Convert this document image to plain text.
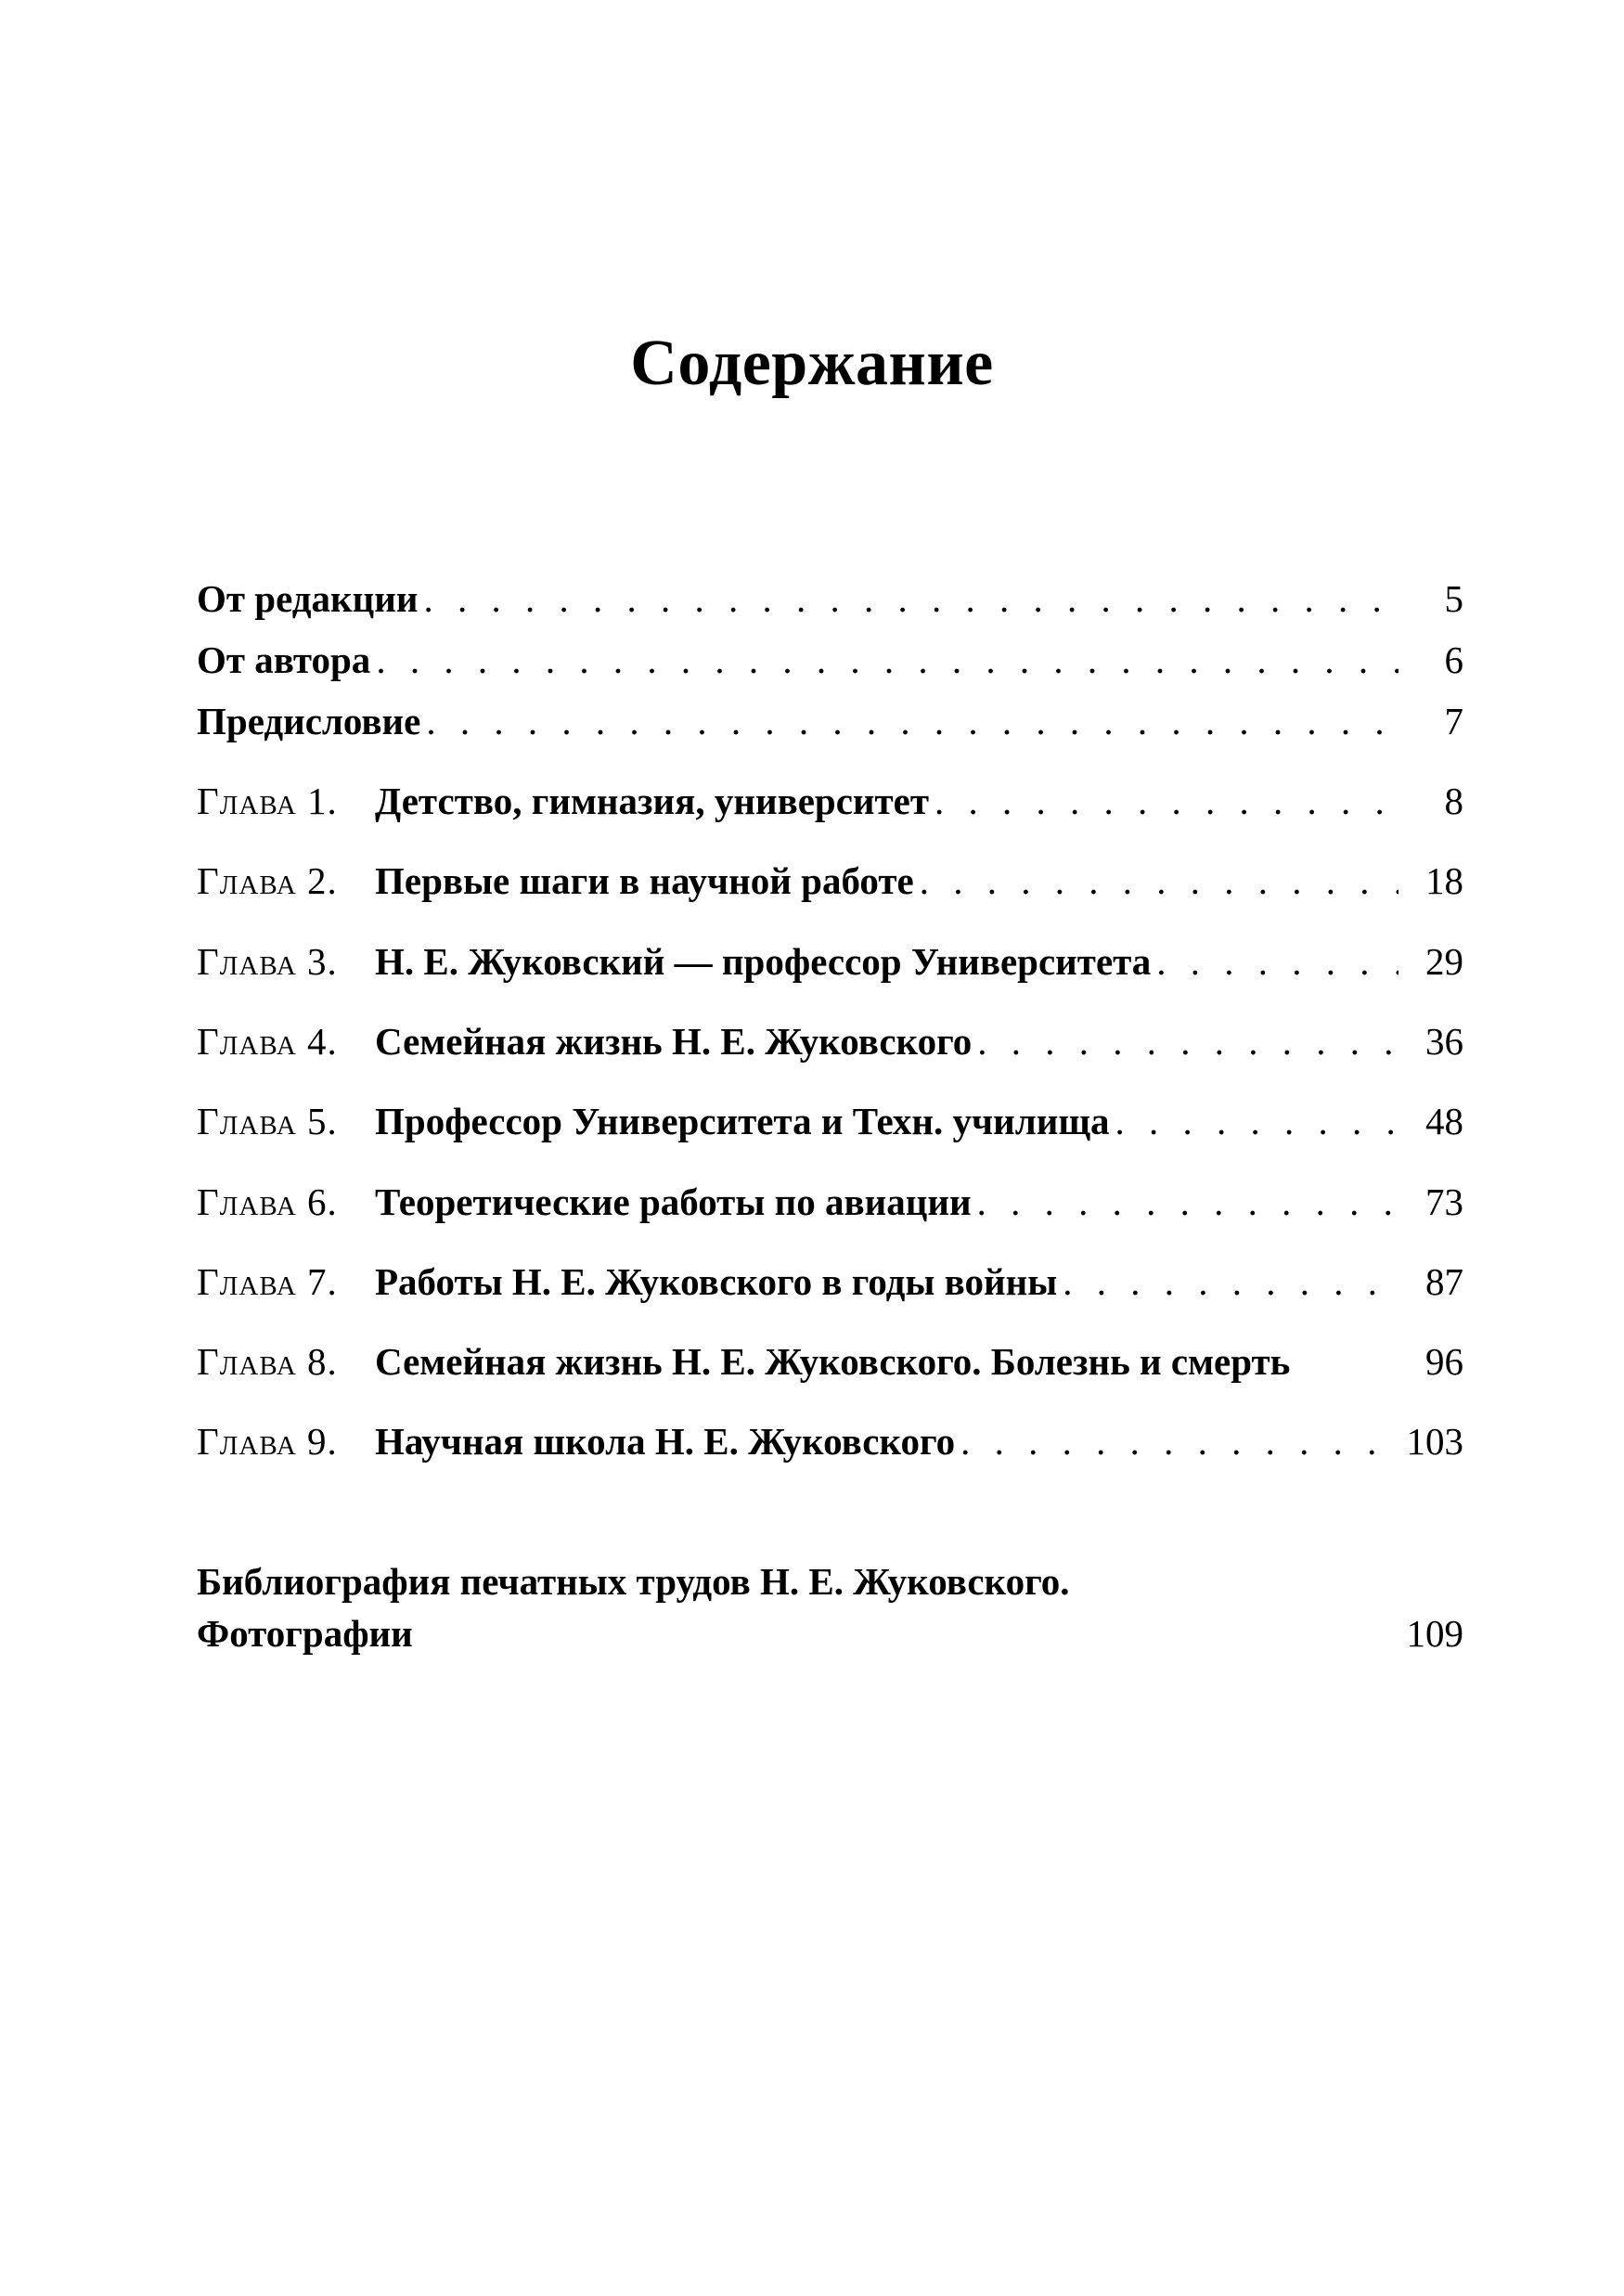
Содержание
От редакции . . .	5
От автора . . .	6
Предисловие . . .	7
Глава 1. Детство, гимназия, университет . . .	8
Глава 2. Первые шаги в научной работе . . .	18
Глава 3. Н. Е. Жуковский — профессор Университета . . .	29
Глава 4. Семейная жизнь Н. Е. Жуковского . . .	36
Глава 5. Профессор Университета и Техн. училища . . .	48
Глава 6. Теоретические работы по авиации . . .	73
Глава 7. Работы Н. Е. Жуковского в годы войны . . .	87
Глава 8. Семейная жизнь Н. Е. Жуковского. Болезнь и смерть	96
Глава 9. Научная школа Н. Е. Жуковского . . .	103
Библиография печатных трудов Н. Е. Жуковского.
Фотографии	109
